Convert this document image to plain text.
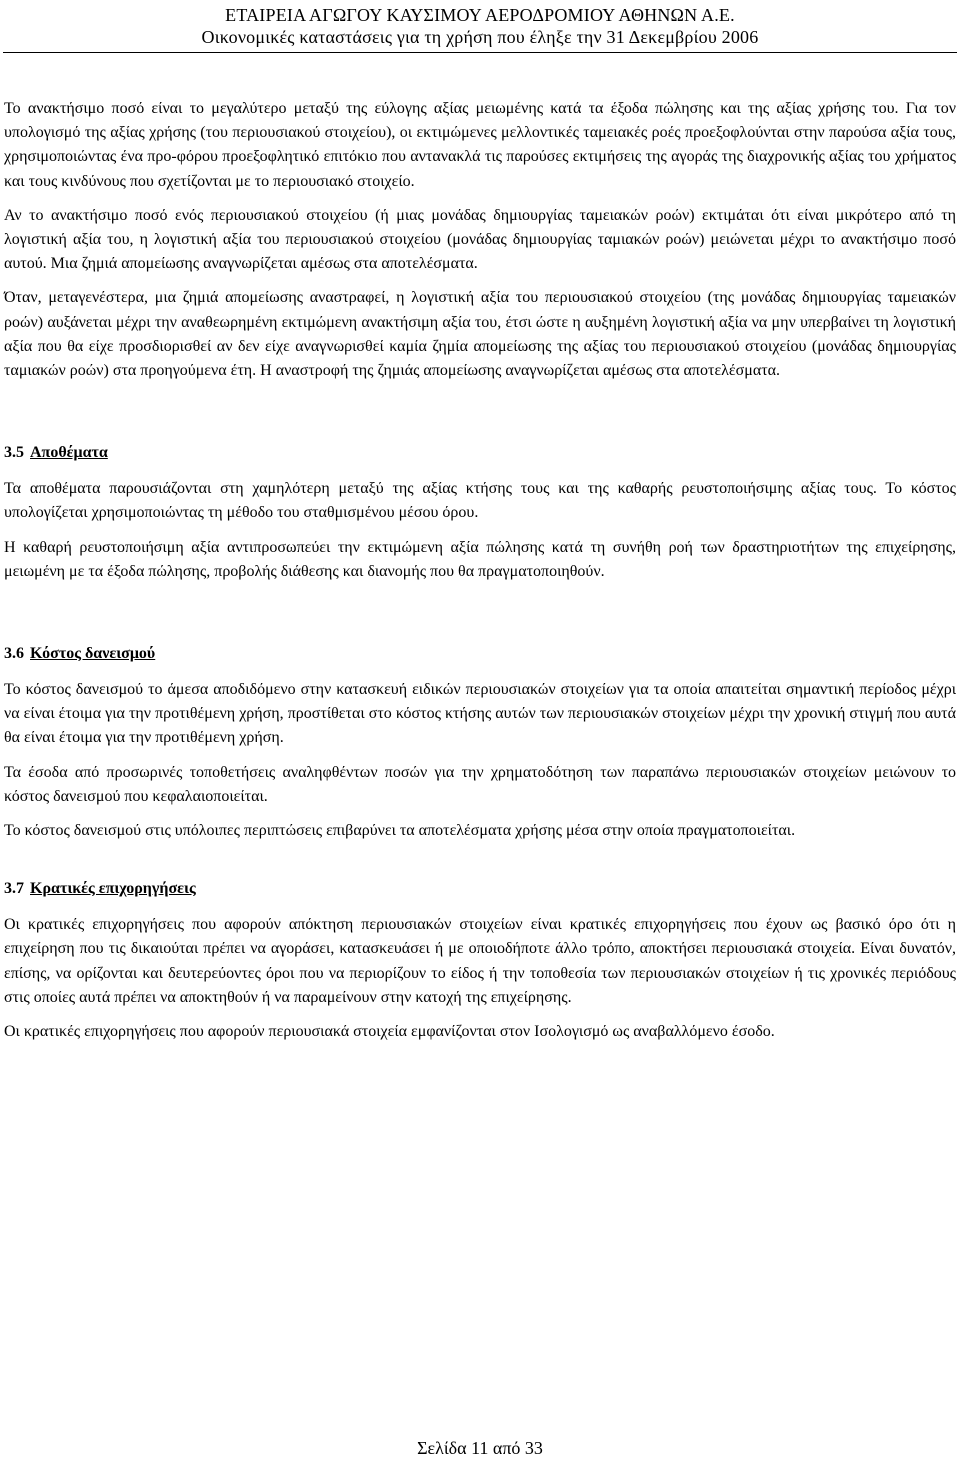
ΕΤΑΙΡΕΙΑ ΑΓΩΓΟΥ ΚΑΥΣΙΜΟΥ ΑΕΡΟΔΡΟΜΙΟΥ ΑΘΗΝΩΝ Α.Ε.
Οικονομικές καταστάσεις για τη χρήση που έληξε την 31 Δεκεμβρίου 2006

Το ανακτήσιμο ποσό είναι το μεγαλύτερο μεταξύ της εύλογης αξίας μειωμένης κατά τα έξοδα πώλησης και της αξίας χρήσης του. Για τον υπολογισμό της αξίας χρήσης (του περιουσιακού στοιχείου), οι εκτιμώμενες μελλοντικές ταμειακές ροές προεξοφλούνται στην παρούσα αξία τους, χρησιμοποιώντας ένα προ-φόρου προεξοφλητικό επιτόκιο που αντανακλά τις παρούσες εκτιμήσεις της αγοράς της διαχρονικής αξίας του χρήματος και τους κινδύνους που σχετίζονται με το περιουσιακό στοιχείο.

Αν το ανακτήσιμο ποσό ενός περιουσιακού στοιχείου (ή μιας μονάδας δημιουργίας ταμειακών ροών) εκτιμάται ότι είναι μικρότερο από τη λογιστική αξία του, η λογιστική αξία του περιουσιακού στοιχείου (μονάδας δημιουργίας ταμιακών ροών) μειώνεται μέχρι το ανακτήσιμο ποσό αυτού. Μια ζημιά απομείωσης αναγνωρίζεται αμέσως στα αποτελέσματα.

Όταν, μεταγενέστερα, μια ζημιά απομείωσης αναστραφεί, η λογιστική αξία του περιουσιακού στοιχείου (της μονάδας δημιουργίας ταμειακών ροών) αυξάνεται μέχρι την αναθεωρημένη εκτιμώμενη ανακτήσιμη αξία του, έτσι ώστε η αυξημένη λογιστική αξία να μην υπερβαίνει τη λογιστική αξία που θα είχε προσδιορισθεί αν δεν είχε αναγνωρισθεί καμία ζημία απομείωσης της αξίας του περιουσιακού στοιχείου (μονάδας δημιουργίας ταμιακών ροών) στα προηγούμενα έτη. Η αναστροφή της ζημιάς απομείωσης αναγνωρίζεται αμέσως στα αποτελέσματα.

3.5 Αποθέματα

Τα αποθέματα παρουσιάζονται στη χαμηλότερη μεταξύ της αξίας κτήσης τους και της καθαρής ρευστοποιήσιμης αξίας τους. Το κόστος υπολογίζεται χρησιμοποιώντας τη μέθοδο του σταθμισμένου μέσου όρου.

Η καθαρή ρευστοποιήσιμη αξία αντιπροσωπεύει την εκτιμώμενη αξία πώλησης κατά τη συνήθη ροή των δραστηριοτήτων της επιχείρησης, μειωμένη με τα έξοδα πώλησης, προβολής διάθεσης και διανομής που θα πραγματοποιηθούν.

3.6 Κόστος δανεισμού

Το κόστος δανεισμού το άμεσα αποδιδόμενο στην κατασκευή ειδικών περιουσιακών στοιχείων για τα οποία απαιτείται σημαντική περίοδος μέχρι να είναι έτοιμα για την προτιθέμενη χρήση, προστίθεται στο κόστος κτήσης αυτών των περιουσιακών στοιχείων μέχρι την χρονική στιγμή που αυτά θα είναι έτοιμα για την προτιθέμενη χρήση.

Τα έσοδα από προσωρινές τοποθετήσεις αναληφθέντων ποσών για την χρηματοδότηση των παραπάνω περιουσιακών στοιχείων μειώνουν το κόστος δανεισμού που κεφαλαιοποιείται.

Το κόστος δανεισμού στις υπόλοιπες περιπτώσεις επιβαρύνει τα αποτελέσματα χρήσης μέσα στην οποία πραγματοποιείται.

3.7 Κρατικές επιχορηγήσεις

Οι κρατικές επιχορηγήσεις που αφορούν απόκτηση περιουσιακών στοιχείων είναι κρατικές επιχορηγήσεις που έχουν ως βασικό όρο ότι η επιχείρηση που τις δικαιούται πρέπει να αγοράσει, κατασκευάσει ή με οποιοδήποτε άλλο τρόπο, αποκτήσει περιουσιακά στοιχεία. Είναι δυνατόν, επίσης, να ορίζονται και δευτερεύοντες όροι που να περιορίζουν το είδος ή την τοποθεσία των περιουσιακών στοιχείων ή τις χρονικές περιόδους στις οποίες αυτά πρέπει να αποκτηθούν ή να παραμείνουν στην κατοχή της επιχείρησης.

Οι κρατικές επιχορηγήσεις που αφορούν περιουσιακά στοιχεία εμφανίζονται στον Ισολογισμό ως αναβαλλόμενο έσοδο.

Σελίδα 11 από 33
